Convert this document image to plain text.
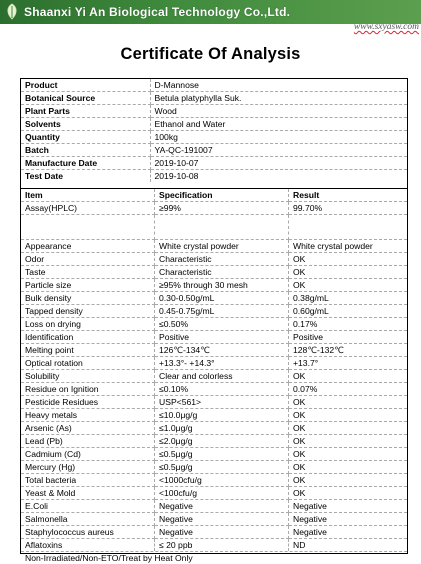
Shaanxi Yi An Biological Technology Co.,Ltd.
www.sxyasw.com
Certificate Of Analysis
Product	D-Mannose
Botanical Source	Betula platyphylla Suk.
Plant Parts	Wood
Solvents	Ethanol and Water
Quantity	100kg
Batch	YA-QC-191007
Manufacture Date	2019-10-07
Test Date	2019-10-08
Item	Specification	Result
Assay(HPLC)	≥99%	99.70%

Appearance	White crystal powder	White crystal powder
Odor	Characteristic	OK
Taste	Characteristic	OK
Particle size	≥95% through 30 mesh	OK
Bulk density	0.30-0.50g/mL	0.38g/mL
Tapped density	0.45-0.75g/mL	0.60g/mL
Loss on drying	≤0.50%	0.17%
Identification	Positive	Positive
Melting point	126℃-134℃	128℃-132℃
Optical rotation	+13.3°- +14.3°	+13.7°
Solubility	Clear and colorless	OK
Residue on Ignition	≤0.10%	0.07%
Pesticide Residues	USP<561>	OK
Heavy metals	≤10.0μg/g	OK
Arsenic (As)	≤1.0μg/g	OK
Lead (Pb)	≤2.0μg/g	OK
Cadmium (Cd)	≤0.5μg/g	OK
Mercury (Hg)	≤0.5μg/g	OK
Total bacteria	<1000cfu/g	OK
Yeast & Mold	<100cfu/g	OK
E.Coli	Negative	Negative
Salmonella	Negative	Negative
Staphylococcus aureus	Negative	Negative
Aflatoxins	≤ 20 ppb	ND
Non-Irradiated/Non-ETO/Treat by Heat Only
